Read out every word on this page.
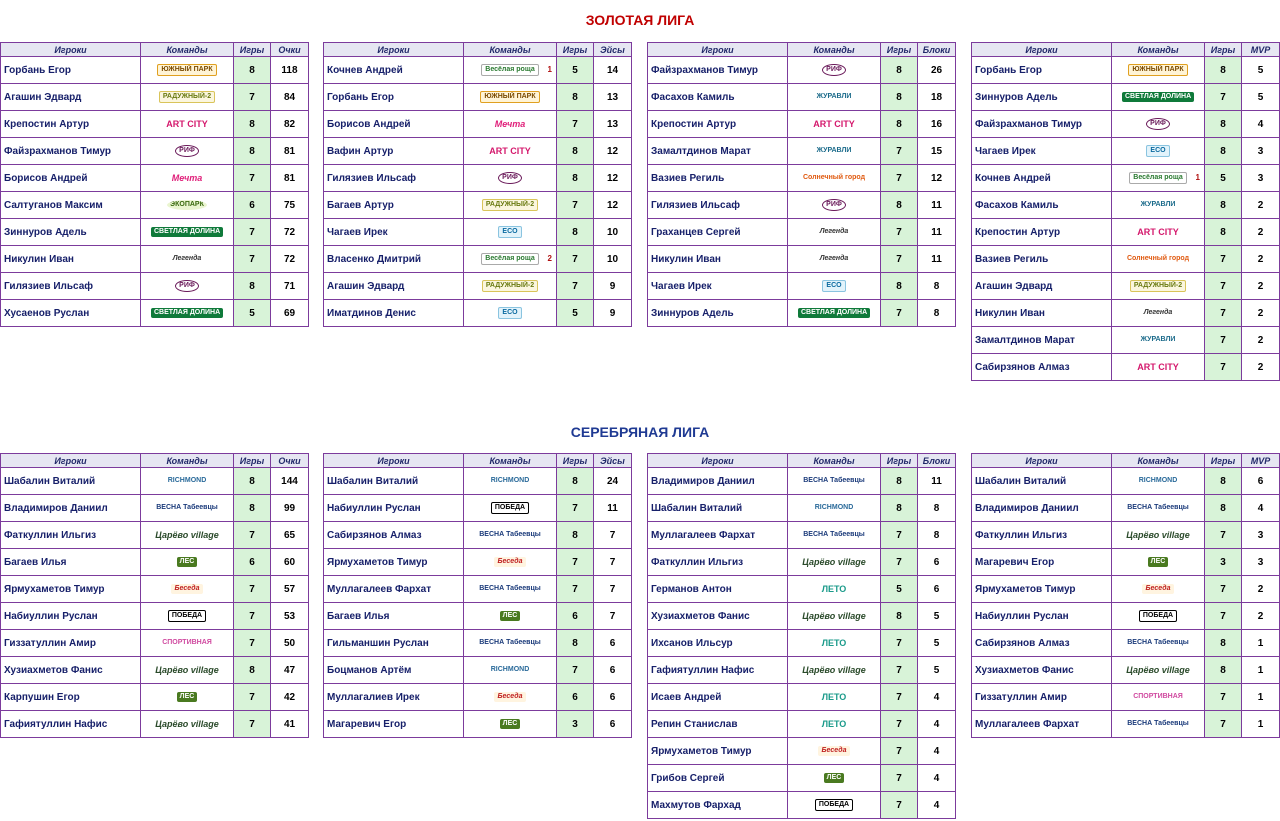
ЗОЛОТАЯ ЛИГА
СЕРЕБРЯНАЯ ЛИГА
Игроки	Команды	Игры	Очки
Горбань Егор	ЮЖНЫЙ ПАРК	8	118
Агашин Эдвард	РАДУЖНЫЙ-2	7	84
Крепостин Артур	ART CITY	8	82
Файзрахманов Тимур	РИФ	8	81
Борисов Андрей	Мечта	7	81
Салтуганов Максим	ЭКОПАРК	6	75
Зиннуров Адель	СВЕТЛАЯ ДОЛИНА	7	72
Никулин Иван	Легенда	7	72
Гилязиев Ильсаф	РИФ	8	71
Хусаенов Руслан	СВЕТЛАЯ ДОЛИНА	5	69
Игроки	Команды	Игры	Эйсы
Кочнев Андрей	Весёлая роща 1	5	14
Горбань Егор	ЮЖНЫЙ ПАРК	8	13
Борисов Андрей	Мечта	7	13
Вафин Артур	ART CITY	8	12
Гилязиев Ильсаф	РИФ	8	12
Багаев Артур	РАДУЖНЫЙ-2	7	12
Чагаев Ирек	ECO	8	10
Власенко Дмитрий	Весёлая роща 2	7	10
Агашин Эдвард	РАДУЖНЫЙ-2	7	9
Иматдинов Денис	ECO	5	9
Игроки	Команды	Игры	Блоки
Файзрахманов Тимур	РИФ	8	26
Фасахов Камиль	ЖУРАВЛИ	8	18
Крепостин Артур	ART CITY	8	16
Замалтдинов Марат	ЖУРАВЛИ	7	15
Вазиев Региль	Солнечный город	7	12
Гилязиев Ильсаф	РИФ	8	11
Граханцев Сергей	Легенда	7	11
Никулин Иван	Легенда	7	11
Чагаев Ирек	ECO	8	8
Зиннуров Адель	СВЕТЛАЯ ДОЛИНА	7	8
Игроки	Команды	Игры	MVP
Горбань Егор	ЮЖНЫЙ ПАРК	8	5
Зиннуров Адель	СВЕТЛАЯ ДОЛИНА	7	5
Файзрахманов Тимур	РИФ	8	4
Чагаев Ирек	ECO	8	3
Кочнев Андрей	Весёлая роща 1	5	3
Фасахов Камиль	ЖУРАВЛИ	8	2
Крепостин Артур	ART CITY	8	2
Вазиев Региль	Солнечный город	7	2
Агашин Эдвард	РАДУЖНЫЙ-2	7	2
Никулин Иван	Легенда	7	2
Замалтдинов Марат	ЖУРАВЛИ	7	2
Сабирзянов Алмаз	ART CITY	7	2
Игроки	Команды	Игры	Очки
Шабалин Виталий	RICHMOND	8	144
Владимиров Даниил	ВЕСНА Табеевцы	8	99
Фаткуллин Ильгиз	Царёво village	7	65
Багаев Илья	ЛЕС	6	60
Ярмухаметов Тимур	Беседа	7	57
Набиуллин Руслан	ПОБЕДА	7	53
Гиззатуллин Амир	СПОРТИВНАЯ	7	50
Хузиахметов Фанис	Царёво village	8	47
Карпушин Егор	ЛЕС	7	42
Гафиятуллин Нафис	Царёво village	7	41
Игроки	Команды	Игры	Эйсы
Шабалин Виталий	RICHMOND	8	24
Набиуллин Руслан	ПОБЕДА	7	11
Сабирзянов Алмаз	ВЕСНА Табеевцы	8	7
Ярмухаметов Тимур	Беседа	7	7
Муллагалеев Фархат	ВЕСНА Табеевцы	7	7
Багаев Илья	ЛЕС	6	7
Гильманшин Руслан	ВЕСНА Табеевцы	8	6
Боцманов Артём	RICHMOND	7	6
Муллагалиев Ирек	Беседа	6	6
Магаревич Егор	ЛЕС	3	6
Игроки	Команды	Игры	Блоки
Владимиров Даниил	ВЕСНА Табеевцы	8	11
Шабалин Виталий	RICHMOND	8	8
Муллагалеев Фархат	ВЕСНА Табеевцы	7	8
Фаткуллин Ильгиз	Царёво village	7	6
Германов Антон	ЛЕТО	5	6
Хузиахметов Фанис	Царёво village	8	5
Ихсанов Ильсур	ЛЕТО	7	5
Гафиятуллин Нафис	Царёво village	7	5
Исаев Андрей	ЛЕТО	7	4
Репин Станислав	ЛЕТО	7	4
Ярмухаметов Тимур	Беседа	7	4
Грибов Сергей	ЛЕС	7	4
Махмутов Фархад	ПОБЕДА	7	4
Игроки	Команды	Игры	MVP
Шабалин Виталий	RICHMOND	8	6
Владимиров Даниил	ВЕСНА Табеевцы	8	4
Фаткуллин Ильгиз	Царёво village	7	3
Магаревич Егор	ЛЕС	3	3
Ярмухаметов Тимур	Беседа	7	2
Набиуллин Руслан	ПОБЕДА	7	2
Сабирзянов Алмаз	ВЕСНА Табеевцы	8	1
Хузиахметов Фанис	Царёво village	8	1
Гиззатуллин Амир	СПОРТИВНАЯ	7	1
Муллагалеев Фархат	ВЕСНА Табеевцы	7	1
